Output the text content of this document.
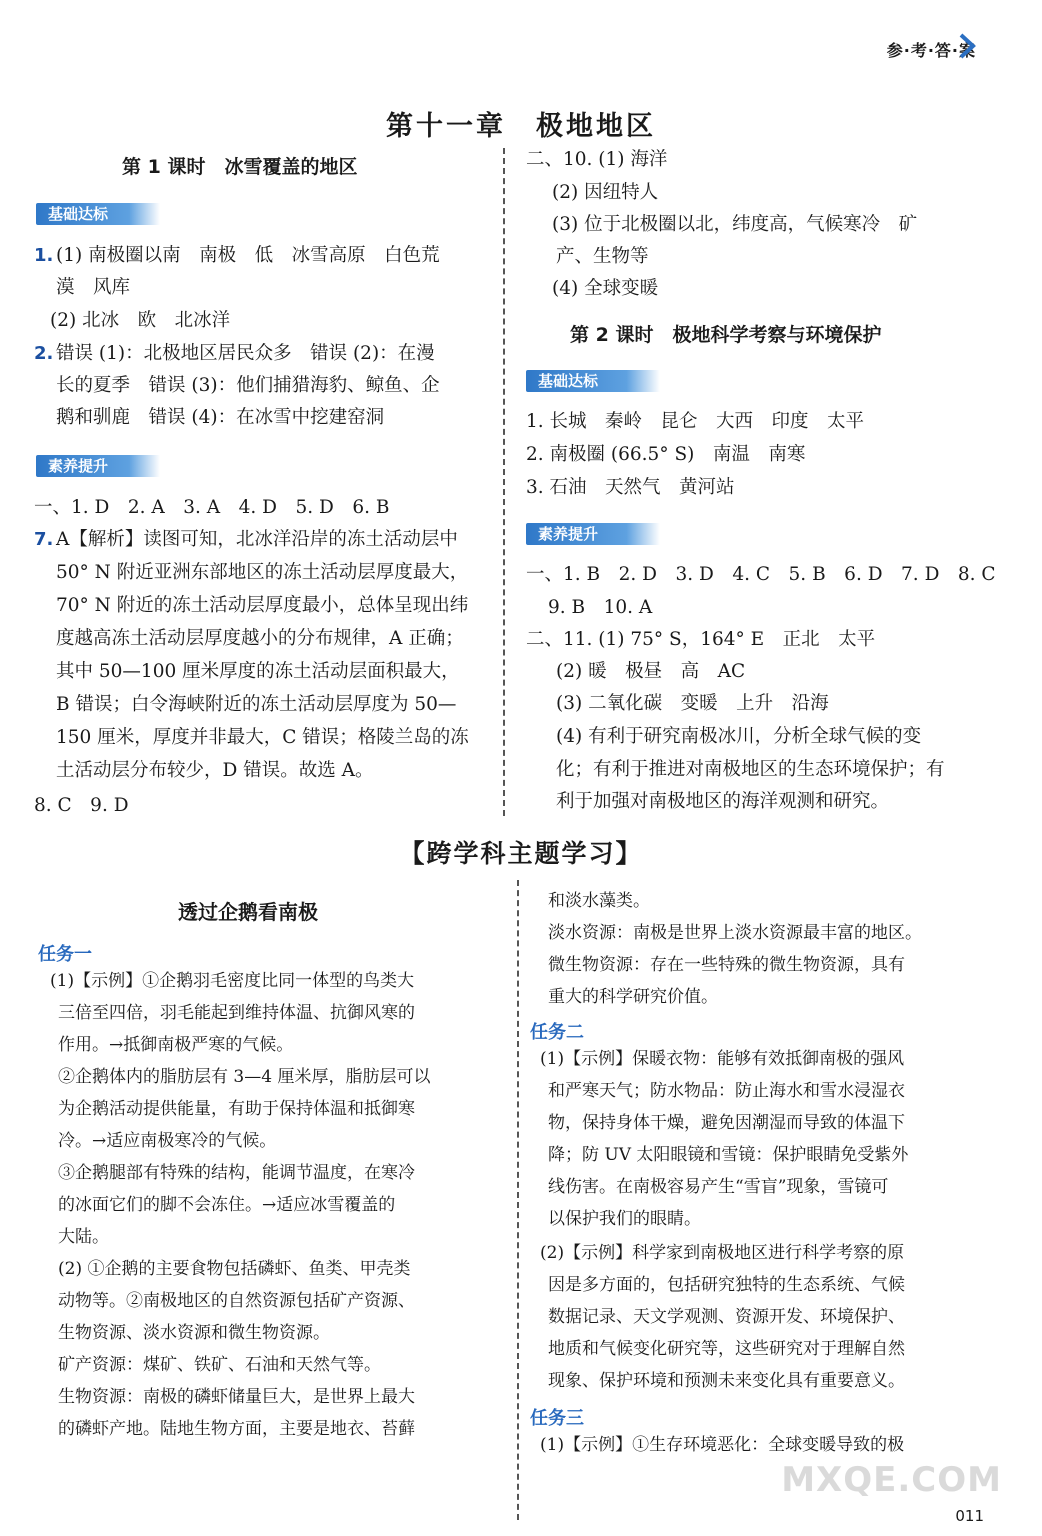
参·考·答·案
第十一章　极地地区
第 1 课时　冰雪覆盖的地区
基础达标
1. (1) 南极圈以南　南极　低　冰雪高原　白色荒
漠　风库
(2) 北冰　欧　北冰洋
2. 错误 (1)：北极地区居民众多　错误 (2)：在漫
长的夏季　错误 (3)：他们捕猎海豹、鲸鱼、企
鹅和驯鹿　错误 (4)：在冰雪中挖建窑洞
素养提升
一、1. D　2. A　3. A　4. D　5. D　6. B
7. A【解析】读图可知，北冰洋沿岸的冻土活动层中
50° N 附近亚洲东部地区的冻土活动层厚度最大，
70° N 附近的冻土活动层厚度最小，总体呈现出纬
度越高冻土活动层厚度越小的分布规律，A 正确；
其中 50—100 厘米厚度的冻土活动层面积最大，
B 错误；白令海峡附近的冻土活动层厚度为 50—
150 厘米，厚度并非最大，C 错误；格陵兰岛的冻
土活动层分布较少，D 错误。故选 A。
8. C　9. D
二、10. (1) 海洋
(2) 因纽特人
(3) 位于北极圈以北，纬度高，气候寒冷　矿
产、生物等
(4) 全球变暖
第 2 课时　极地科学考察与环境保护
基础达标
1. 长城　秦岭　昆仑　大西　印度　太平
2. 南极圈 (66.5° S)　南温　南寒
3. 石油　天然气　黄河站
素养提升
一、1. B　2. D　3. D　4. C　5. B　6. D　7. D　8. C
9. B　10. A
二、11. (1) 75° S，164° E　正北　太平
(2) 暖　极昼　高　AC
(3) 二氧化碳　变暖　上升　沿海
(4) 有利于研究南极冰川，分析全球气候的变
化；有利于推进对南极地区的生态环境保护；有
利于加强对南极地区的海洋观测和研究。
【跨学科主题学习】
透过企鹅看南极
任务一
(1)【示例】①企鹅羽毛密度比同一体型的鸟类大
三倍至四倍，羽毛能起到维持体温、抗御风寒的
作用。→抵御南极严寒的气候。
②企鹅体内的脂肪层有 3—4 厘米厚，脂肪层可以
为企鹅活动提供能量，有助于保持体温和抵御寒
冷。→适应南极寒冷的气候。
③企鹅腿部有特殊的结构，能调节温度，在寒冷
的冰面它们的脚不会冻住。→适应冰雪覆盖的
大陆。
(2) ①企鹅的主要食物包括磷虾、鱼类、甲壳类
动物等。②南极地区的自然资源包括矿产资源、
生物资源、淡水资源和微生物资源。
矿产资源：煤矿、铁矿、石油和天然气等。
生物资源：南极的磷虾储量巨大，是世界上最大
的磷虾产地。陆地生物方面，主要是地衣、苔藓
和淡水藻类。
淡水资源：南极是世界上淡水资源最丰富的地区。
微生物资源：存在一些特殊的微生物资源，具有
重大的科学研究价值。
任务二
(1)【示例】保暖衣物：能够有效抵御南极的强风
和严寒天气；防水物品：防止海水和雪水浸湿衣
物，保持身体干燥，避免因潮湿而导致的体温下
降；防 UV 太阳眼镜和雪镜：保护眼睛免受紫外
线伤害。在南极容易产生“雪盲”现象，雪镜可
以保护我们的眼睛。
(2)【示例】科学家到南极地区进行科学考察的原
因是多方面的，包括研究独特的生态系统、气候
数据记录、天文学观测、资源开发、环境保护、
地质和气候变化研究等，这些研究对于理解自然
现象、保护环境和预测未来变化具有重要意义。
任务三
(1)【示例】①生存环境恶化：全球变暖导致的极
MXQE.COM
011
